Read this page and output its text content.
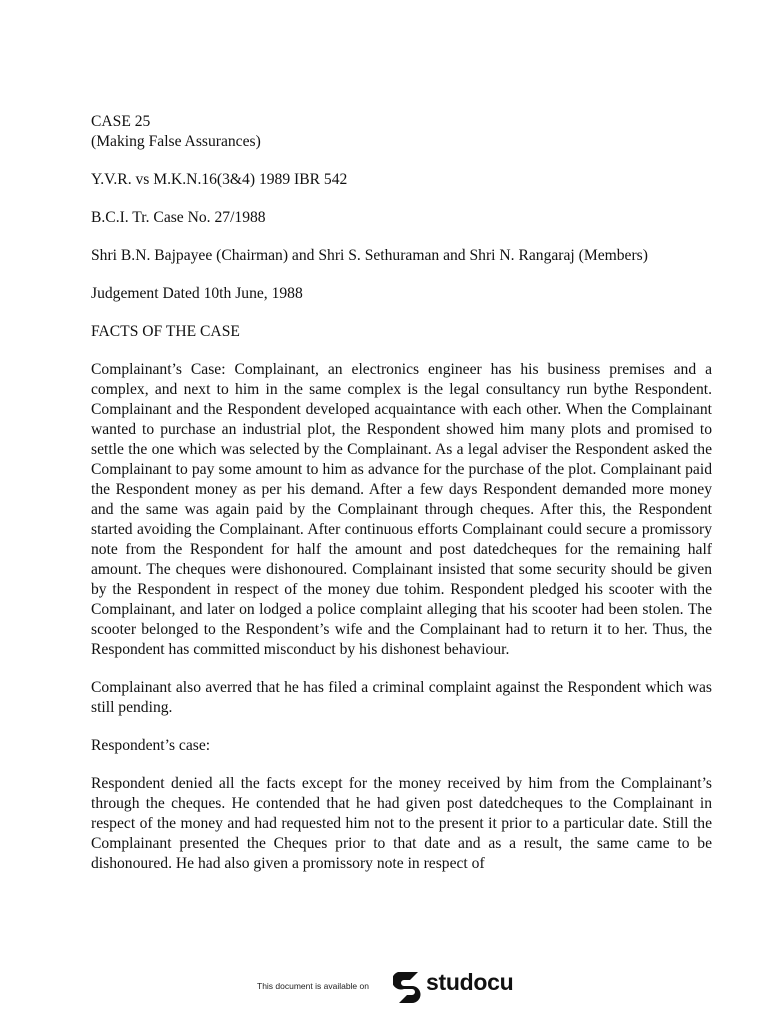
CASE 25
(Making False Assurances)
Y.V.R. vs M.K.N.16(3&4) 1989 IBR 542
B.C.I. Tr. Case No. 27/1988
Shri B.N. Bajpayee (Chairman) and Shri S. Sethuraman and Shri N. Rangaraj (Members)
Judgement Dated 10th June, 1988
FACTS OF THE CASE

Complainant’s Case: Complainant, an electronics engineer has his business premises and a complex, and next to him in the same complex is the legal consultancy run bythe Respondent. Complainant and the Respondent developed acquaintance with each other. When the Complainant wanted to purchase an industrial plot, the Respondent showed him many plots and promised to settle the one which was selected by the Complainant. As a legal adviser the Respondent asked the Complainant to pay some amount to him as advance for the purchase of the plot. Complainant paid the Respondent money as per his demand. After a few days Respondent demanded more money and the same was again paid by the Complainant through cheques. After this, the Respondent started avoiding the Complainant. After continuous efforts Complainant could secure a promissory note from the Respondent for half the amount and post datedcheques for the remaining half amount. The cheques were dishonoured. Complainant insisted that some security should be given by the Respondent in respect of the money due tohim. Respondent pledged his scooter with the Complainant, and later on lodged a police complaint alleging that his scooter had been stolen. The scooter belonged to the Respondent’s wife and the Complainant had to return it to her. Thus, the Respondent has committed misconduct by his dishonest behaviour.

Complainant also averred that he has filed a criminal complaint against the Respondent which was still pending.

Respondent’s case:

Respondent denied all the facts except for the money received by him from the Complainant’s through the cheques. He contended that he had given post datedcheques to the Complainant in respect of the money and had requested him not to the present it prior to a particular date. Still the Complainant presented the Cheques prior to that date and as a result, the same came to be dishonoured. He had also given a promissory note in respect of

This document is available on studocu
